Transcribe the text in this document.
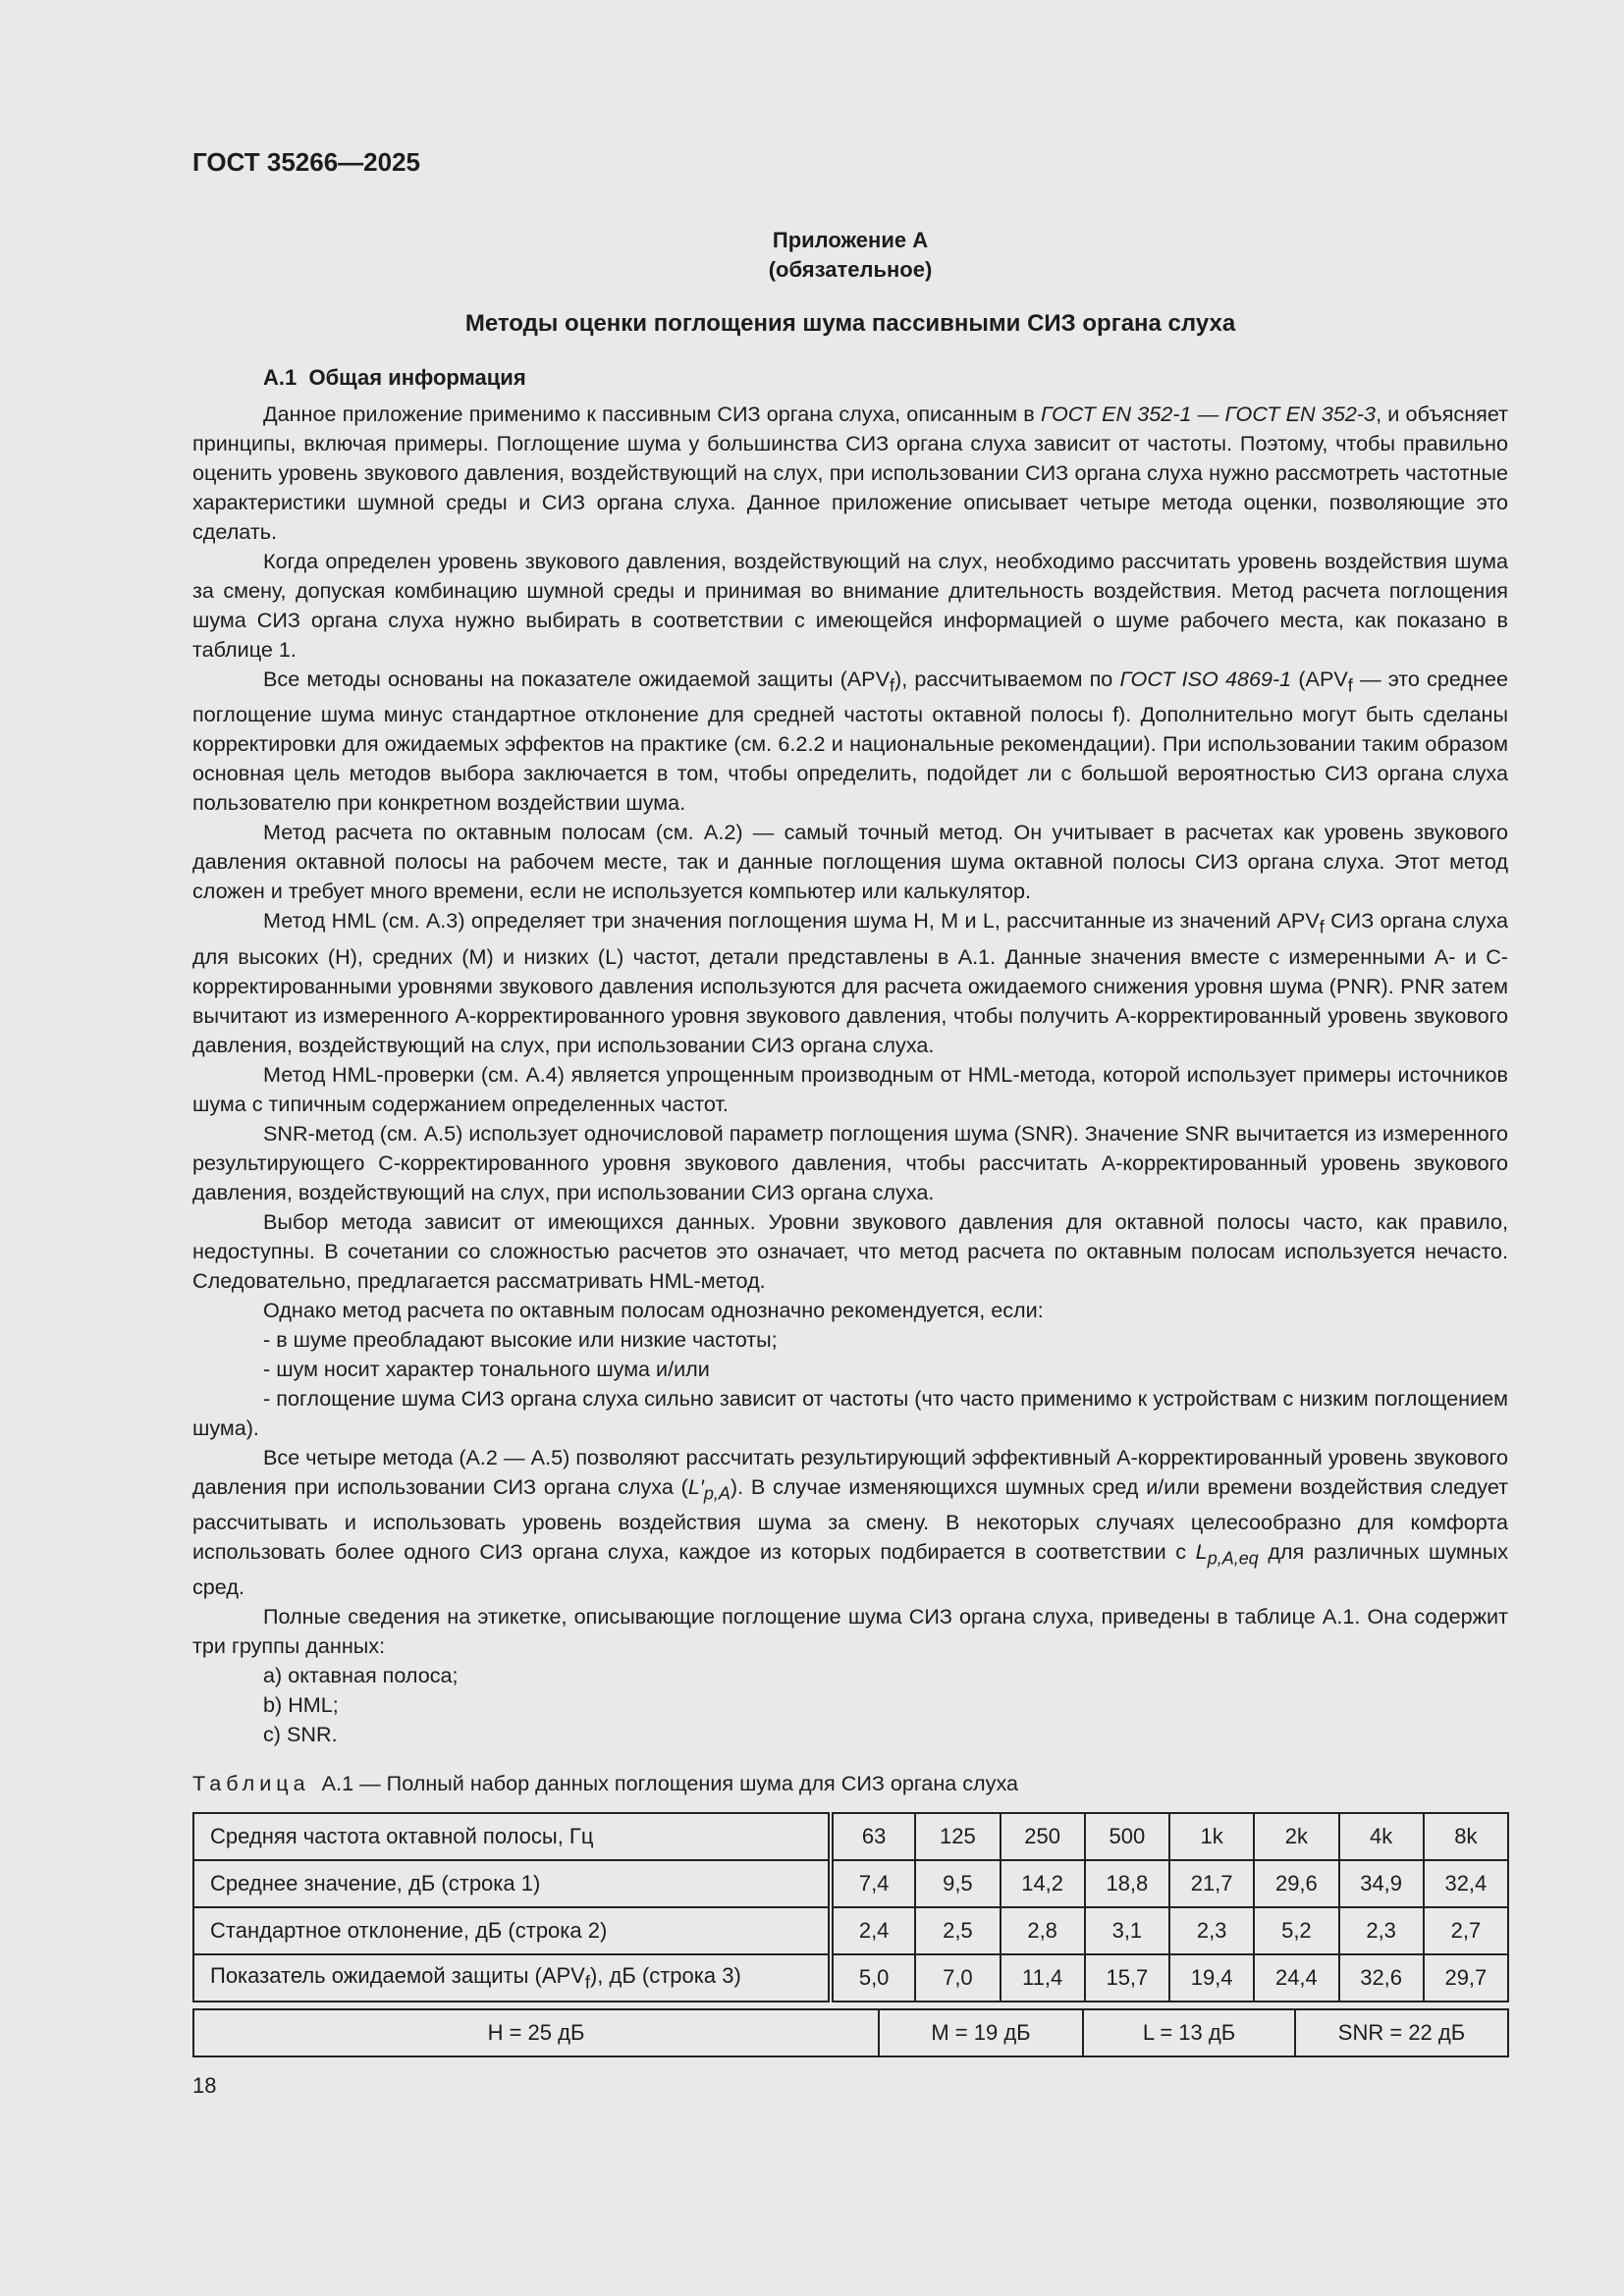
ГОСТ 35266—2025

Приложение А

(обязательное)

Методы оценки поглощения шума пассивными СИЗ органа слуха

А.1 Общая информация

Данное приложение применимо к пассивным СИЗ органа слуха, описанным в ГОСТ EN 352-1 — ГОСТ EN 352-3, и объясняет принципы, включая примеры. Поглощение шума у большинства СИЗ органа слуха зависит от частоты. Поэтому, чтобы правильно оценить уровень звукового давления, воздействующий на слух, при использовании СИЗ органа слуха нужно рассмотреть частотные характеристики шумной среды и СИЗ органа слуха. Данное приложение описывает четыре метода оценки, позволяющие это сделать.

Когда определен уровень звукового давления, воздействующий на слух, необходимо рассчитать уровень воздействия шума за смену, допуская комбинацию шумной среды и принимая во внимание длительность воздействия. Метод расчета поглощения шума СИЗ органа слуха нужно выбирать в соответствии с имеющейся информацией о шуме рабочего места, как показано в таблице 1.

Все методы основаны на показателе ожидаемой защиты $(APV_f)$, рассчитываемом по ГОСТ ISO 4869-1 ($APV_f$ — это среднее поглощение шума минус стандартное отклонение для средней частоты октавной полосы f). Дополнительно могут быть сделаны корректировки для ожидаемых эффектов на практике (см. 6.2.2 и национальные рекомендации). При использовании таким образом основная цель методов выбора заключается в том, чтобы определить, подойдет ли с большой вероятностью СИЗ органа слуха пользователю при конкретном воздействии шума.

Метод расчета по октавным полосам (см. А.2) — самый точный метод. Он учитывает в расчетах как уровень звукового давления октавной полосы на рабочем месте, так и данные поглощения шума октавной полосы СИЗ органа слуха. Этот метод сложен и требует много времени, если не используется компьютер или калькулятор.

Метод HML (см. А.3) определяет три значения поглощения шума H, M и L, рассчитанные из значений $APV_f$ СИЗ органа слуха для высоких (H), средних (M) и низких (L) частот, детали представлены в А.1. Данные значения вместе с измеренными A- и C-корректированными уровнями звукового давления используются для расчета ожидаемого снижения уровня шума (PNR). PNR затем вычитают из измеренного A-корректированного уровня звукового давления, чтобы получить A-корректированный уровень звукового давления, воздействующий на слух, при использовании СИЗ органа слуха.

Метод HML-проверки (см. А.4) является упрощенным производным от HML-метода, которой использует примеры источников шума с типичным содержанием определенных частот.

SNR-метод (см. А.5) использует одночисловой параметр поглощения шума (SNR). Значение SNR вычитается из измеренного результирующего C-корректированного уровня звукового давления, чтобы рассчитать A-корректированный уровень звукового давления, воздействующий на слух, при использовании СИЗ органа слуха.

Выбор метода зависит от имеющихся данных. Уровни звукового давления для октавной полосы часто, как правило, недоступны. В сочетании со сложностью расчетов это означает, что метод расчета по октавным полосам используется нечасто. Следовательно, предлагается рассматривать HML-метод.

Однако метод расчета по октавным полосам однозначно рекомендуется, если:

- в шуме преобладают высокие или низкие частоты;

- шум носит характер тонального шума и/или

- поглощение шума СИЗ органа слуха сильно зависит от частоты (что часто применимо к устройствам с низким поглощением шума).

Все четыре метода (А.2 — А.5) позволяют рассчитать результирующий эффективный A-корректированный уровень звукового давления при использовании СИЗ органа слуха $(L'_{p,A})$. В случае изменяющихся шумных сред и/или времени воздействия следует рассчитывать и использовать уровень воздействия шума за смену. В некоторых случаях целесообразно для комфорта использовать более одного СИЗ органа слуха, каждое из которых подбирается в соответствии с $L_{p,A,eq}$ для различных шумных сред.

Полные сведения на этикетке, описывающие поглощение шума СИЗ органа слуха, приведены в таблице А.1. Она содержит три группы данных:

а) октавная полоса;

b) HML;

c) SNR.

Таблица А.1 — Полный набор данных поглощения шума для СИЗ органа слуха

Средняя частота октавной полосы, Гц	63	125	250	500	1k	2k	4k	8k
Среднее значение, дБ (строка 1)	7,4	9,5	14,2	18,8	21,7	29,6	34,9	32,4
Стандартное отклонение, дБ (строка 2)	2,4	2,5	2,8	3,1	2,3	5,2	2,3	2,7
Показатель ожидаемой защиты $(APV_f)$, дБ (строка 3)	5,0	7,0	11,4	15,7	19,4	24,4	32,6	29,7
H = 25 дБ	M = 19 дБ	L = 13 дБ	SNR = 22 дБ

18
